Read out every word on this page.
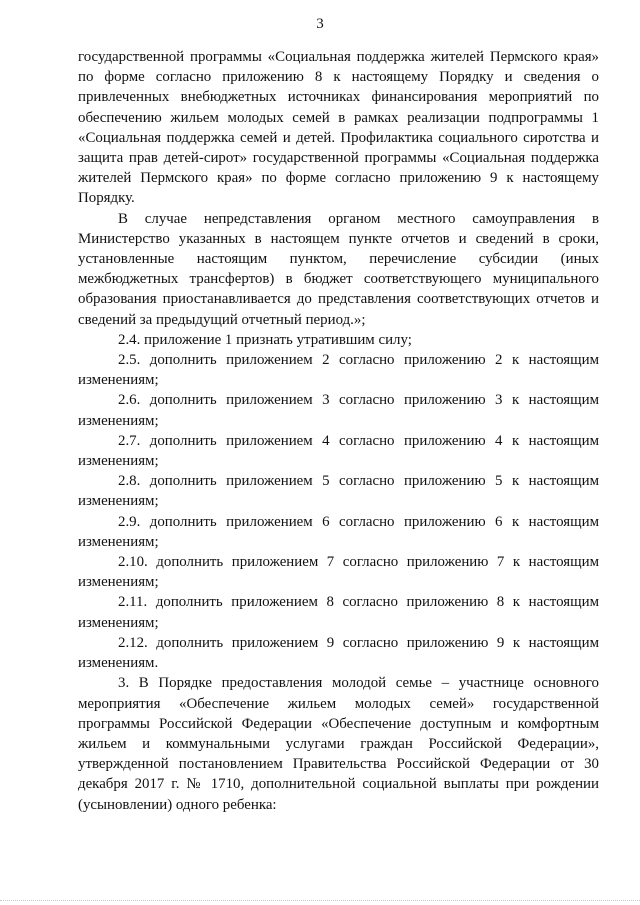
3

государственной программы «Социальная поддержка жителей Пермского края» по форме согласно приложению 8 к настоящему Порядку и сведения о привлеченных внебюджетных источниках финансирования мероприятий по обеспечению жильем молодых семей в рамках реализации подпрограммы 1 «Социальная поддержка семей и детей. Профилактика социального сиротства и защита прав детей-сирот» государственной программы «Социальная поддержка жителей Пермского края» по форме согласно приложению 9 к настоящему Порядку.

В случае непредставления органом местного самоуправления в Министерство указанных в настоящем пункте отчетов и сведений в сроки, установленные настоящим пунктом, перечисление субсидии (иных межбюджетных трансфертов) в бюджет соответствующего муниципального образования приостанавливается до представления соответствующих отчетов и сведений за предыдущий отчетный период.»;

2.4. приложение 1 признать утратившим силу;

2.5. дополнить приложением 2 согласно приложению 2 к настоящим изменениям;

2.6. дополнить приложением 3 согласно приложению 3 к настоящим изменениям;

2.7. дополнить приложением 4 согласно приложению 4 к настоящим изменениям;

2.8. дополнить приложением 5 согласно приложению 5 к настоящим изменениям;

2.9. дополнить приложением 6 согласно приложению 6 к настоящим изменениям;

2.10. дополнить приложением 7 согласно приложению 7 к настоящим изменениям;

2.11. дополнить приложением 8 согласно приложению 8 к настоящим изменениям;

2.12. дополнить приложением 9 согласно приложению 9 к настоящим изменениям.

3. В Порядке предоставления молодой семье – участнице основного мероприятия «Обеспечение жильем молодых семей» государственной программы Российской Федерации «Обеспечение доступным и комфортным жильем и коммунальными услугами граждан Российской Федерации», утвержденной постановлением Правительства Российской Федерации от 30 декабря 2017 г. № 1710, дополнительной социальной выплаты при рождении (усыновлении) одного ребенка:
